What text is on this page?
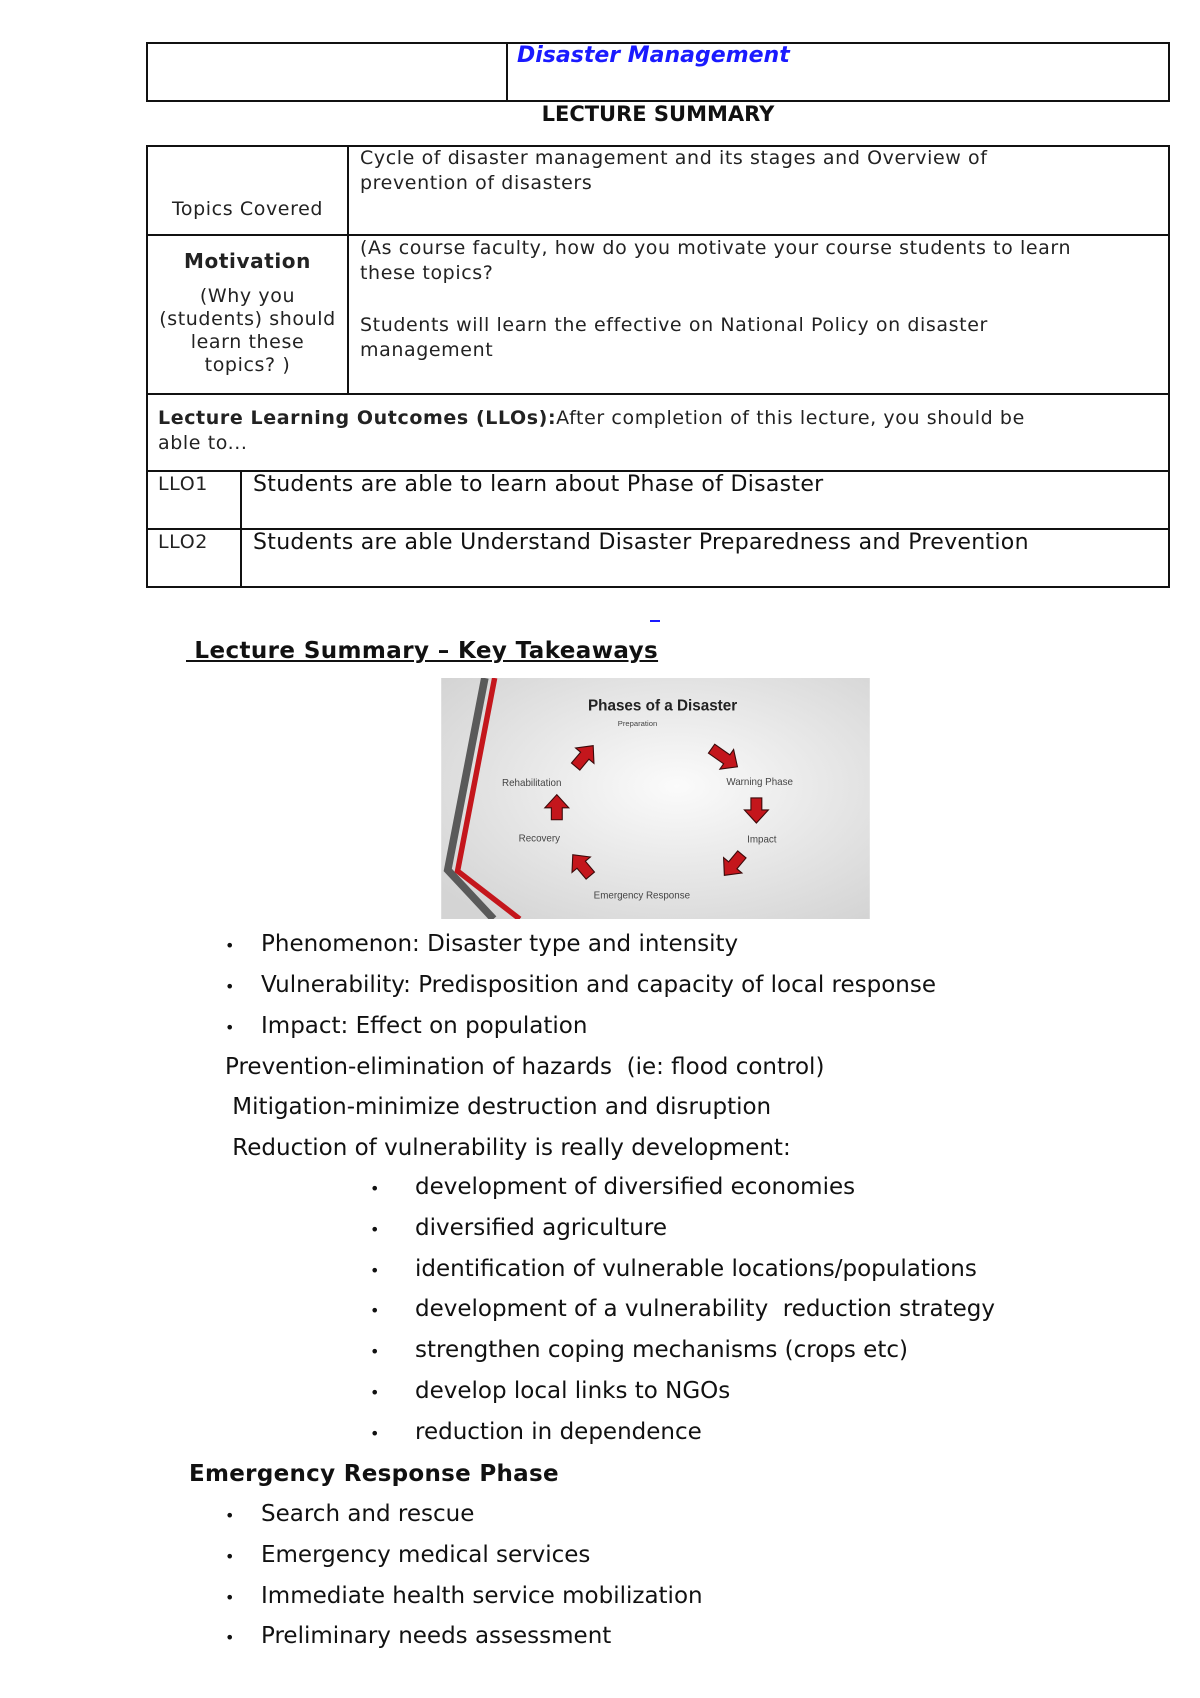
Disaster Management
LECTURE SUMMARY
Topics Covered
Cycle of disaster management and its stages and Overview of
prevention of disasters
Motivation
(Why you
(students) should
learn these
topics? )
(As course faculty, how do you motivate your course students to learn
these topics?
Students will learn the effective on National Policy on disaster
management
Lecture Learning Outcomes (LLOs):After completion of this lecture, you should be
able to...
LLO1 Students are able to learn about Phase of Disaster
LLO2 Students are able Understand Disaster Preparedness and Prevention
Lecture Summary – Key Takeaways
Phases of a Disaster
Preparation
Rehabilitation	Warning Phase
Recovery	Impact
Emergency Response
• Phenomenon: Disaster type and intensity
• Vulnerability: Predisposition and capacity of local response
• Impact: Effect on population
Prevention-elimination of hazards  (ie: flood control)
Mitigation-minimize destruction and disruption
Reduction of vulnerability is really development:
• development of diversified economies
• diversified agriculture
• identification of vulnerable locations/populations
• development of a vulnerability  reduction strategy
• strengthen coping mechanisms (crops etc)
• develop local links to NGOs
• reduction in dependence
Emergency Response Phase
• Search and rescue
• Emergency medical services
• Immediate health service mobilization
• Preliminary needs assessment
